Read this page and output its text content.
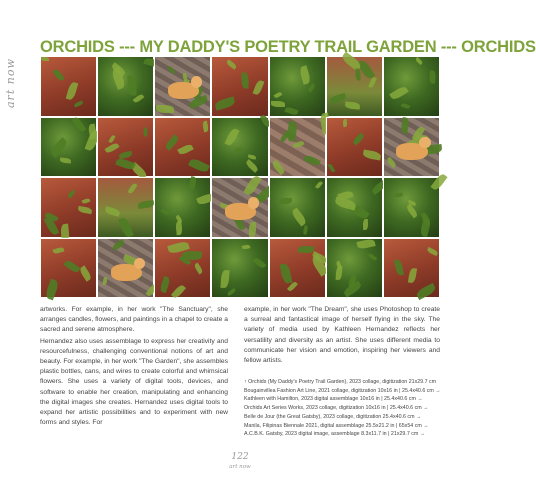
art now
ORCHIDS --- MY DADDY'S POETRY TRAIL GARDEN --- ORCHIDS

artworks. For example, in her work "The Sanctuary", she arranges candles, flowers, and paintings in a chapel to create a sacred and serene atmosphere.

Hernandez also uses assemblage to express her creativity and resourcefulness, challenging conventional notions of art and beauty. For example, in her work "The Garden", she assembles plastic bottles, cans, and wires to create colorful and whimsical flowers. She uses a variety of digital tools, devices, and software to enable her creation, manipulating and enhancing the digital images she creates. Hernandez uses digital tools to expand her artistic possibilities and to experiment with new forms and styles. For

example, in her work "The Dream", she uses Photoshop to create a surreal and fantastical image of herself flying in the sky. The variety of media used by Kathleen Hernandez reflects her versatility and diversity as an artist. She uses different media to communicate her vision and emotion, inspiring her viewers and fellow artists.

↑ Orchids (My Daddy's Poetry Trail Garden), 2023 collage, digitization 21x29.7 cm
Bougainvillea Fashion Art Line, 2021 collage, digitization 10x16 in | 25.4x40.6 cm →
Kathleen with Hamilton, 2023 digital assemblage 10x16 in | 25.4x40.6 cm →
Orchids Art Series Works, 2023 collage, digitization 10x16 in | 25.4x40.6 cm →
Belle de Jour (the Great Gatsby), 2023 collage, digitization 25.4x40.6 cm →
Manila, Filipinas Biennale 2021, digital assemblage 25.5x21.2 in | 65x54 cm →
A.C.B.K. Gatsby, 2023 digital image, assemblage 8.3x11.7 in | 21x29.7 cm →
122
art now
